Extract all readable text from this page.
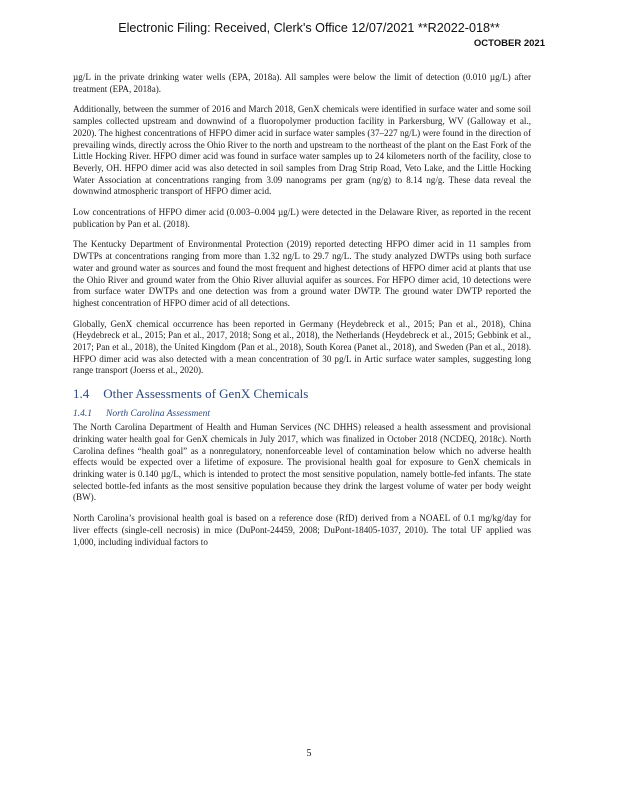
Electronic Filing: Received, Clerk's Office 12/07/2021 **R2022-018**
OCTOBER 2021

µg/L in the private drinking water wells (EPA, 2018a). All samples were below the limit of detection (0.010 µg/L) after treatment (EPA, 2018a).

Additionally, between the summer of 2016 and March 2018, GenX chemicals were identified in surface water and some soil samples collected upstream and downwind of a fluoropolymer production facility in Parkersburg, WV (Galloway et al., 2020). The highest concentrations of HFPO dimer acid in surface water samples (37–227 ng/L) were found in the direction of prevailing winds, directly across the Ohio River to the north and upstream to the northeast of the plant on the East Fork of the Little Hocking River. HFPO dimer acid was found in surface water samples up to 24 kilometers north of the facility, close to Beverly, OH. HFPO dimer acid was also detected in soil samples from Drag Strip Road, Veto Lake, and the Little Hocking Water Association at concentrations ranging from 3.09 nanograms per gram (ng/g) to 8.14 ng/g. These data reveal the downwind atmospheric transport of HFPO dimer acid.

Low concentrations of HFPO dimer acid (0.003–0.004 µg/L) were detected in the Delaware River, as reported in the recent publication by Pan et al. (2018).

The Kentucky Department of Environmental Protection (2019) reported detecting HFPO dimer acid in 11 samples from DWTPs at concentrations ranging from more than 1.32 ng/L to 29.7 ng/L. The study analyzed DWTPs using both surface water and ground water as sources and found the most frequent and highest detections of HFPO dimer acid at plants that use the Ohio River and ground water from the Ohio River alluvial aquifer as sources. For HFPO dimer acid, 10 detections were from surface water DWTPs and one detection was from a ground water DWTP. The ground water DWTP reported the highest concentration of HFPO dimer acid of all detections.

Globally, GenX chemical occurrence has been reported in Germany (Heydebreck et al., 2015; Pan et al., 2018), China (Heydebreck et al., 2015; Pan et al., 2017, 2018; Song et al., 2018), the Netherlands (Heydebreck et al., 2015; Gebbink et al., 2017; Pan et al., 2018), the United Kingdom (Pan et al., 2018), South Korea (Panet al., 2018), and Sweden (Pan et al., 2018). HFPO dimer acid was also detected with a mean concentration of 30 pg/L in Artic surface water samples, suggesting long range transport (Joerss et al., 2020).

1.4 Other Assessments of GenX Chemicals
1.4.1 North Carolina Assessment

The North Carolina Department of Health and Human Services (NC DHHS) released a health assessment and provisional drinking water health goal for GenX chemicals in July 2017, which was finalized in October 2018 (NCDEQ, 2018c). North Carolina defines “health goal” as a nonregulatory, nonenforceable level of contamination below which no adverse health effects would be expected over a lifetime of exposure. The provisional health goal for exposure to GenX chemicals in drinking water is 0.140 µg/L, which is intended to protect the most sensitive population, namely bottle-fed infants. The state selected bottle-fed infants as the most sensitive population because they drink the largest volume of water per body weight (BW).

North Carolina’s provisional health goal is based on a reference dose (RfD) derived from a NOAEL of 0.1 mg/kg/day for liver effects (single-cell necrosis) in mice (DuPont-24459, 2008; DuPont-18405-1037, 2010). The total UF applied was 1,000, including individual factors to

5
